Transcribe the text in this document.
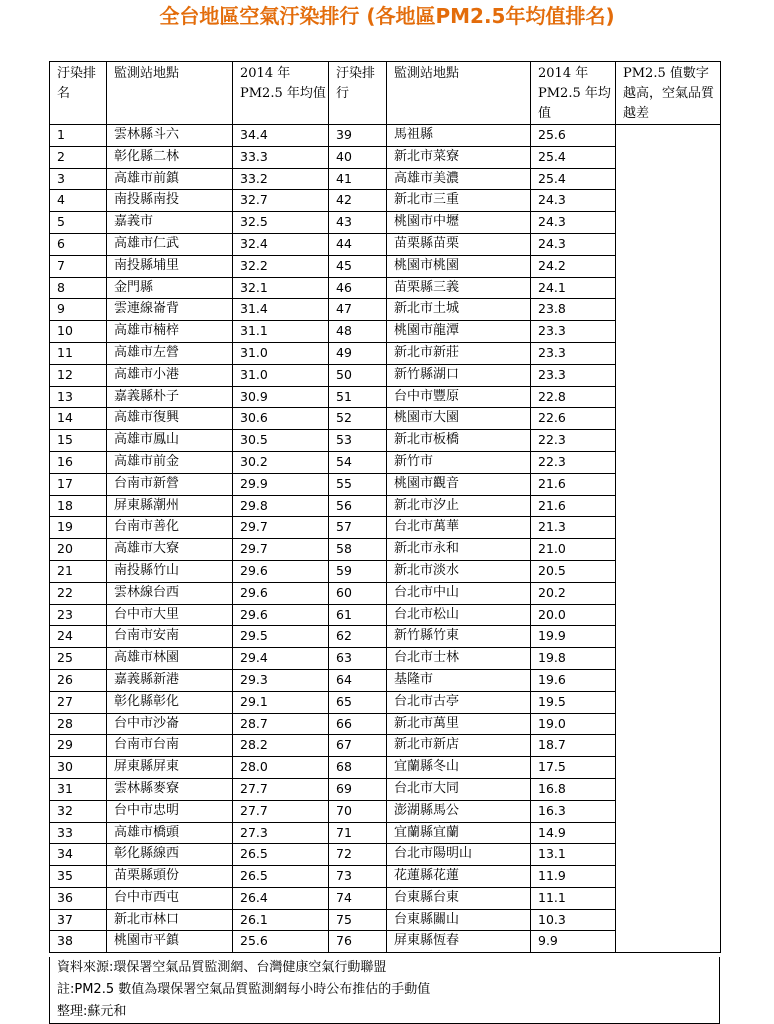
全台地區空氣汙染排行 (各地區PM2.5年均值排名)
汙染排名	監測站地點	2014 年PM2.5 年均值	汙染排行	監測站地點	2014 年PM2.5 年均值	PM2.5 值數字越高，空氣品質越差
1	雲林縣斗六	34.4	39	馬祖縣	25.6	
2	彰化縣二林	33.3	40	新北市菜寮	25.4	
3	高雄市前鎮	33.2	41	高雄市美濃	25.4	
4	南投縣南投	32.7	42	新北市三重	24.3	
5	嘉義市	32.5	43	桃園市中壢	24.3	
6	高雄市仁武	32.4	44	苗栗縣苗栗	24.3	
7	南投縣埔里	32.2	45	桃園市桃園	24.2	
8	金門縣	32.1	46	苗栗縣三義	24.1	
9	雲連線崙背	31.4	47	新北市土城	23.8	
10	高雄市楠梓	31.1	48	桃園市龍潭	23.3	
11	高雄市左營	31.0	49	新北市新莊	23.3	
12	高雄市小港	31.0	50	新竹縣湖口	23.3	
13	嘉義縣朴子	30.9	51	台中市豐原	22.8	
14	高雄市復興	30.6	52	桃園市大園	22.6	
15	高雄市鳳山	30.5	53	新北市板橋	22.3	
16	高雄市前金	30.2	54	新竹市	22.3	
17	台南市新營	29.9	55	桃園市觀音	21.6	
18	屏東縣潮州	29.8	56	新北市汐止	21.6	
19	台南市善化	29.7	57	台北市萬華	21.3	
20	高雄市大寮	29.7	58	新北市永和	21.0	
21	南投縣竹山	29.6	59	新北市淡水	20.5	
22	雲林線台西	29.6	60	台北市中山	20.2	
23	台中市大里	29.6	61	台北市松山	20.0	
24	台南市安南	29.5	62	新竹縣竹東	19.9	
25	高雄市林園	29.4	63	台北市士林	19.8	
26	嘉義縣新港	29.3	64	基隆市	19.6	
27	彰化縣彰化	29.1	65	台北市古亭	19.5	
28	台中市沙崙	28.7	66	新北市萬里	19.0	
29	台南市台南	28.2	67	新北市新店	18.7	
30	屏東縣屏東	28.0	68	宜蘭縣冬山	17.5	
31	雲林縣麥寮	27.7	69	台北市大同	16.8	
32	台中市忠明	27.7	70	澎湖縣馬公	16.3	
33	高雄市橋頭	27.3	71	宜蘭縣宜蘭	14.9	
34	彰化縣線西	26.5	72	台北市陽明山	13.1	
35	苗栗縣頭份	26.5	73	花蓮縣花蓮	11.9	
36	台中市西屯	26.4	74	台東縣台東	11.1	
37	新北市林口	26.1	75	台東縣關山	10.3	
38	桃園市平鎮	25.6	76	屏東縣恆春	9.9	
資料來源:環保署空氣品質監測網、台灣健康空氣行動聯盟
註:PM2.5 數值為環保署空氣品質監測網每小時公布推估的手動值
整理:蘇元和
